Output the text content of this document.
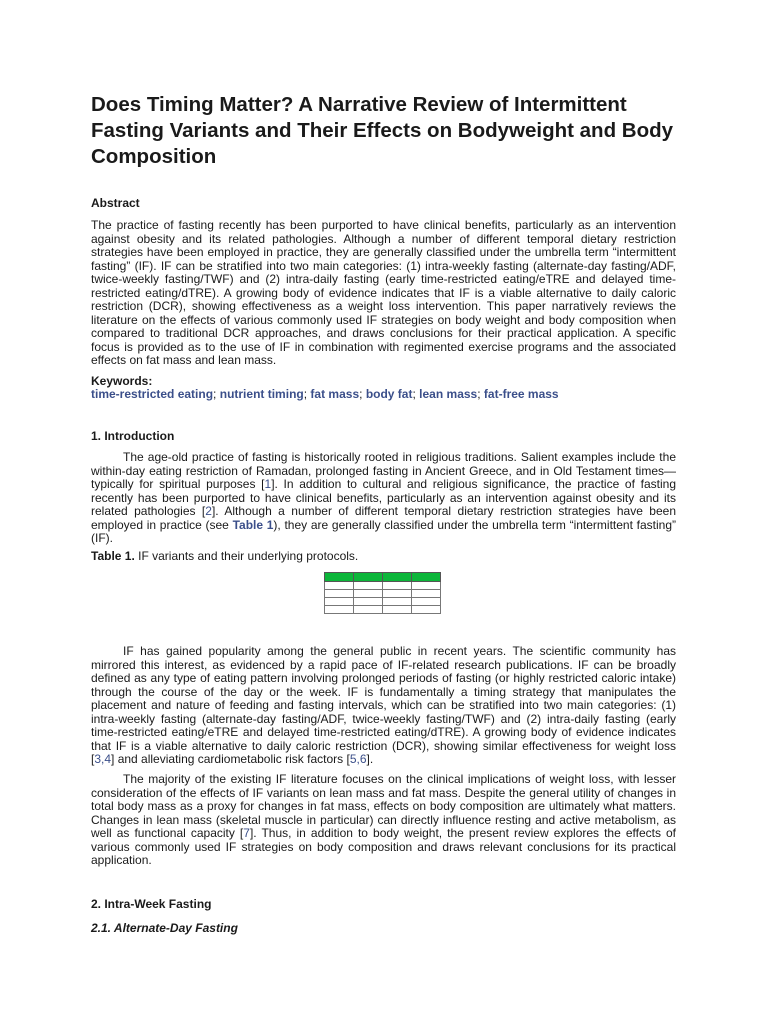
Does Timing Matter? A Narrative Review of Intermittent Fasting Variants and Their Effects on Bodyweight and Body Composition
Abstract

The practice of fasting recently has been purported to have clinical benefits, particularly as an intervention against obesity and its related pathologies. Although a number of different temporal dietary restriction strategies have been employed in practice, they are generally classified under the umbrella term “intermittent fasting” (IF). IF can be stratified into two main categories: (1) intra-weekly fasting (alternate-day fasting/ADF, twice-weekly fasting/TWF) and (2) intra-daily fasting (early time-restricted eating/eTRE and delayed time-restricted eating/dTRE). A growing body of evidence indicates that IF is a viable alternative to daily caloric restriction (DCR), showing effectiveness as a weight loss intervention. This paper narratively reviews the literature on the effects of various commonly used IF strategies on body weight and body composition when compared to traditional DCR approaches, and draws conclusions for their practical application. A specific focus is provided as to the use of IF in combination with regimented exercise programs and the associated effects on fat mass and lean mass.

Keywords:

time-restricted eating; nutrient timing; fat mass; body fat; lean mass; fat-free mass

1. Introduction

The age-old practice of fasting is historically rooted in religious traditions. Salient examples include the within-day eating restriction of Ramadan, prolonged fasting in Ancient Greece, and in Old Testament times—typically for spiritual purposes [1]. In addition to cultural and religious significance, the practice of fasting recently has been purported to have clinical benefits, particularly as an intervention against obesity and its related pathologies [2]. Although a number of different temporal dietary restriction strategies have been employed in practice (see Table 1), they are generally classified under the umbrella term “intermittent fasting” (IF).

Table 1. IF variants and their underlying protocols.

IF has gained popularity among the general public in recent years. The scientific community has mirrored this interest, as evidenced by a rapid pace of IF-related research publications. IF can be broadly defined as any type of eating pattern involving prolonged periods of fasting (or highly restricted caloric intake) through the course of the day or the week. IF is fundamentally a timing strategy that manipulates the placement and nature of feeding and fasting intervals, which can be stratified into two main categories: (1) intra-weekly fasting (alternate-day fasting/ADF, twice-weekly fasting/TWF) and (2) intra-daily fasting (early time-restricted eating/eTRE and delayed time-restricted eating/dTRE). A growing body of evidence indicates that IF is a viable alternative to daily caloric restriction (DCR), showing similar effectiveness for weight loss [3,4] and alleviating cardiometabolic risk factors [5,6].

The majority of the existing IF literature focuses on the clinical implications of weight loss, with lesser consideration of the effects of IF variants on lean mass and fat mass. Despite the general utility of changes in total body mass as a proxy for changes in fat mass, effects on body composition are ultimately what matters. Changes in lean mass (skeletal muscle in particular) can directly influence resting and active metabolism, as well as functional capacity [7]. Thus, in addition to body weight, the present review explores the effects of various commonly used IF strategies on body composition and draws relevant conclusions for its practical application.

2. Intra-Week Fasting
2.1. Alternate-Day Fasting
